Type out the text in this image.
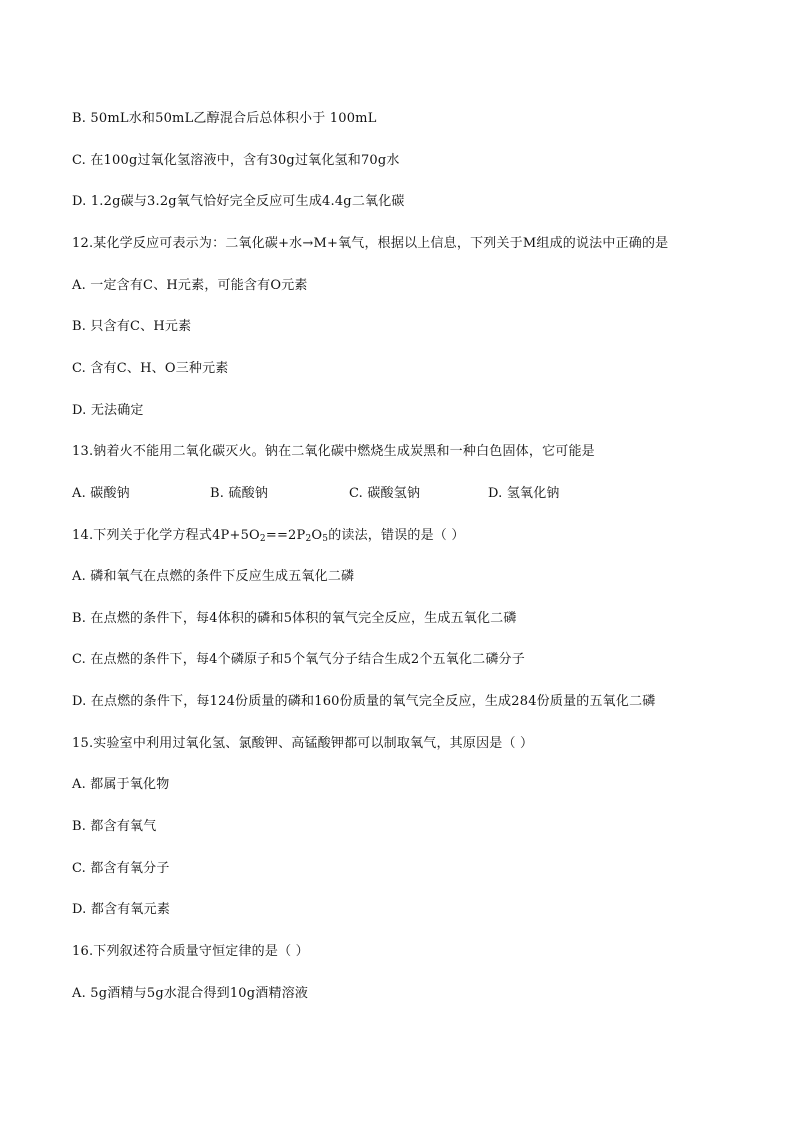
B. 50mL水和50mL乙醇混合后总体积小于 100mL
C. 在100g过氧化氢溶液中，含有30g过氧化氢和70g水
D. 1.2g碳与3.2g氧气恰好完全反应可生成4.4g二氧化碳
12.某化学反应可表示为：二氧化碳+水→M+氧气，根据以上信息，下列关于M组成的说法中正确的是
A. 一定含有C、H元素，可能含有O元素
B. 只含有C、H元素
C. 含有C、H、O三种元素
D. 无法确定
13.钠着火不能用二氧化碳灭火。钠在二氧化碳中燃烧生成炭黑和一种白色固体，它可能是
A. 碳酸钠	B. 硫酸钠	C. 碳酸氢钠	D. 氢氧化钠
14.下列关于化学方程式$4P+5O_2==2P_2O_5$的读法，错误的是（ ）
A. 磷和氧气在点燃的条件下反应生成五氧化二磷
B. 在点燃的条件下，每4体积的磷和5体积的氧气完全反应，生成五氧化二磷
C. 在点燃的条件下，每4个磷原子和5个氧气分子结合生成2个五氧化二磷分子
D. 在点燃的条件下，每124份质量的磷和160份质量的氧气完全反应，生成284份质量的五氧化二磷
15.实验室中利用过氧化氢、氯酸钾、高锰酸钾都可以制取氧气，其原因是（ ）
A. 都属于氧化物
B. 都含有氧气
C. 都含有氧分子
D. 都含有氧元素
16.下列叙述符合质量守恒定律的是（ ）
A. 5g酒精与5g水混合得到10g酒精溶液
